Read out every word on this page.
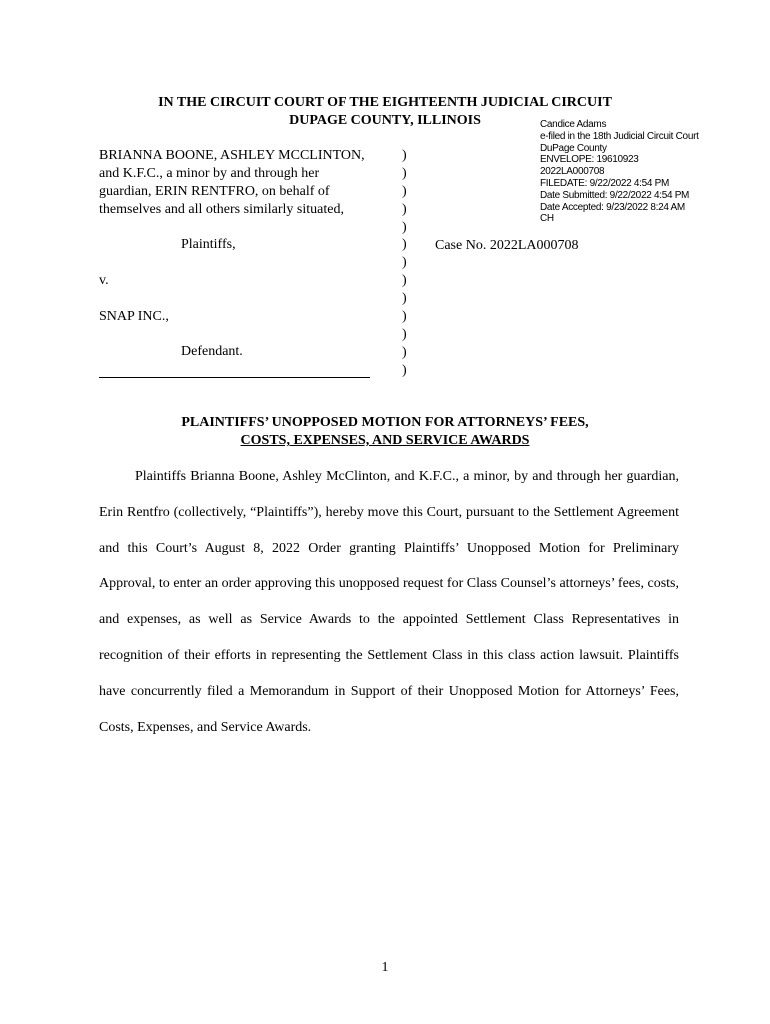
IN THE CIRCUIT COURT OF THE EIGHTEENTH JUDICIAL CIRCUIT
DUPAGE COUNTY, ILLINOIS	Candice Adams
e-filed in the 18th Judicial Circuit Court
DuPage County
ENVELOPE: 19610923
2022LA000708
FILEDATE: 9/22/2022 4:54 PM
Date Submitted: 9/22/2022 4:54 PM
Date Accepted: 9/23/2022 8:24 AM
CH
BRIANNA BOONE, ASHLEY MCCLINTON,
and K.F.C., a minor by and through her
guardian, ERIN RENTFRO, on behalf of
themselves and all others similarly situated,
Plaintiffs,
v.
SNAP INC.,
Defendant.
)
)
)
)
)
)
)
)
)
)
)
)
)
Case No. 2022LA000708
PLAINTIFFS’ UNOPPOSED MOTION FOR ATTORNEYS’ FEES,
COSTS, EXPENSES, AND SERVICE AWARDS

Plaintiffs Brianna Boone, Ashley McClinton, and K.F.C., a minor, by and through her guardian, Erin Rentfro (collectively, “Plaintiffs”), hereby move this Court, pursuant to the Settlement Agreement and this Court’s August 8, 2022 Order granting Plaintiffs’ Unopposed Motion for Preliminary Approval, to enter an order approving this unopposed request for Class Counsel’s attorneys’ fees, costs, and expenses, as well as Service Awards to the appointed Settlement Class Representatives in recognition of their efforts in representing the Settlement Class in this class action lawsuit. Plaintiffs have concurrently filed a Memorandum in Support of their Unopposed Motion for Attorneys’ Fees, Costs, Expenses, and Service Awards.

1
